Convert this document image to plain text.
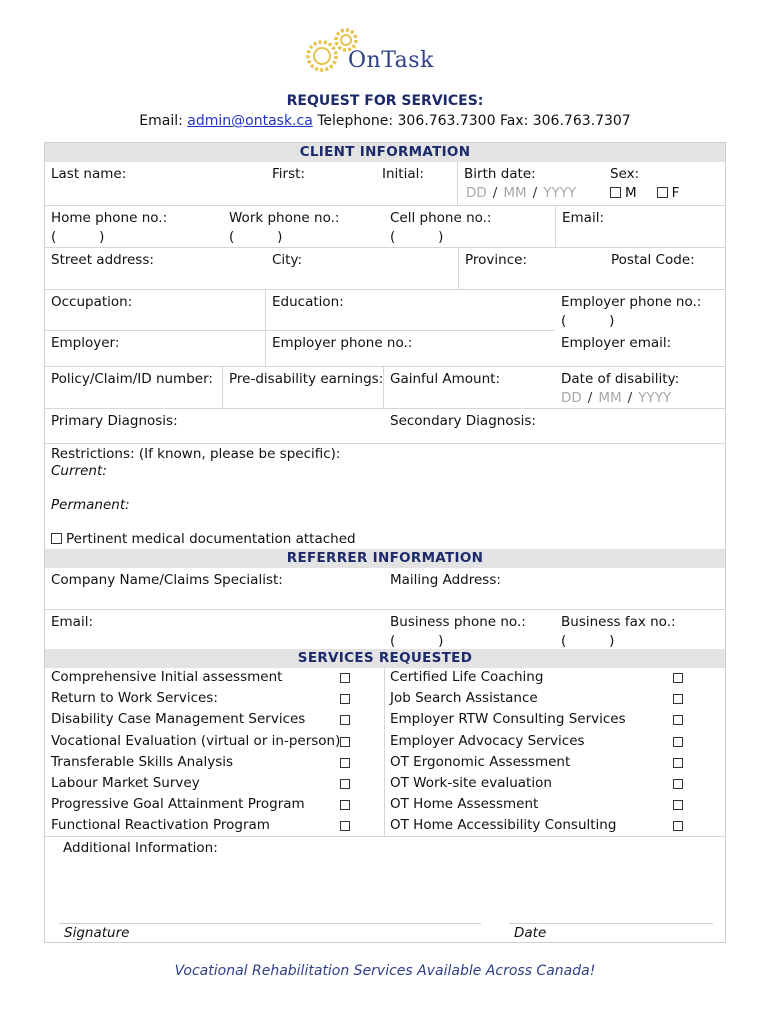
OnTask
REQUEST FOR SERVICES:
Email: admin@ontask.ca Telephone: 306.763.7300 Fax: 306.763.7307
CLIENT INFORMATION
Last name:	First:	Initial:	Birth date:
DD / MM / YYYY
Sex:
M	F
Home phone no.:
(          )
Work phone no.:
(          )
Cell phone no.:
(          )
Email:
Street address:	City:	Province:	Postal Code:
Occupation:	Education:	Employer phone no.:
(          )
Employer:	Employer phone no.:	Employer email:
Policy/Claim/ID number:	Pre-disability earnings: Gainful Amount:	Date of disability:
DD / MM / YYYY
Primary Diagnosis:	Secondary Diagnosis:
Restrictions: (If known, please be specific):
Current:
Permanent:
Pertinent medical documentation attached
REFERRER INFORMATION
Company Name/Claims Specialist:	Mailing Address:
Email:	Business phone no.:
(          )
Business fax no.:
(          )
SERVICES REQUESTED
Comprehensive Initial assessment
Return to Work Services:
Disability Case Management Services
Vocational Evaluation (virtual or in-person)
Transferable Skills Analysis
Labour Market Survey
Progressive Goal Attainment Program
Functional Reactivation Program
Certified Life Coaching
Job Search Assistance
Employer RTW Consulting Services
Employer Advocacy Services
OT Ergonomic Assessment
OT Work-site evaluation
OT Home Assessment
OT Home Accessibility Consulting
Additional Information:
Signature	Date
Vocational Rehabilitation Services Available Across Canada!
